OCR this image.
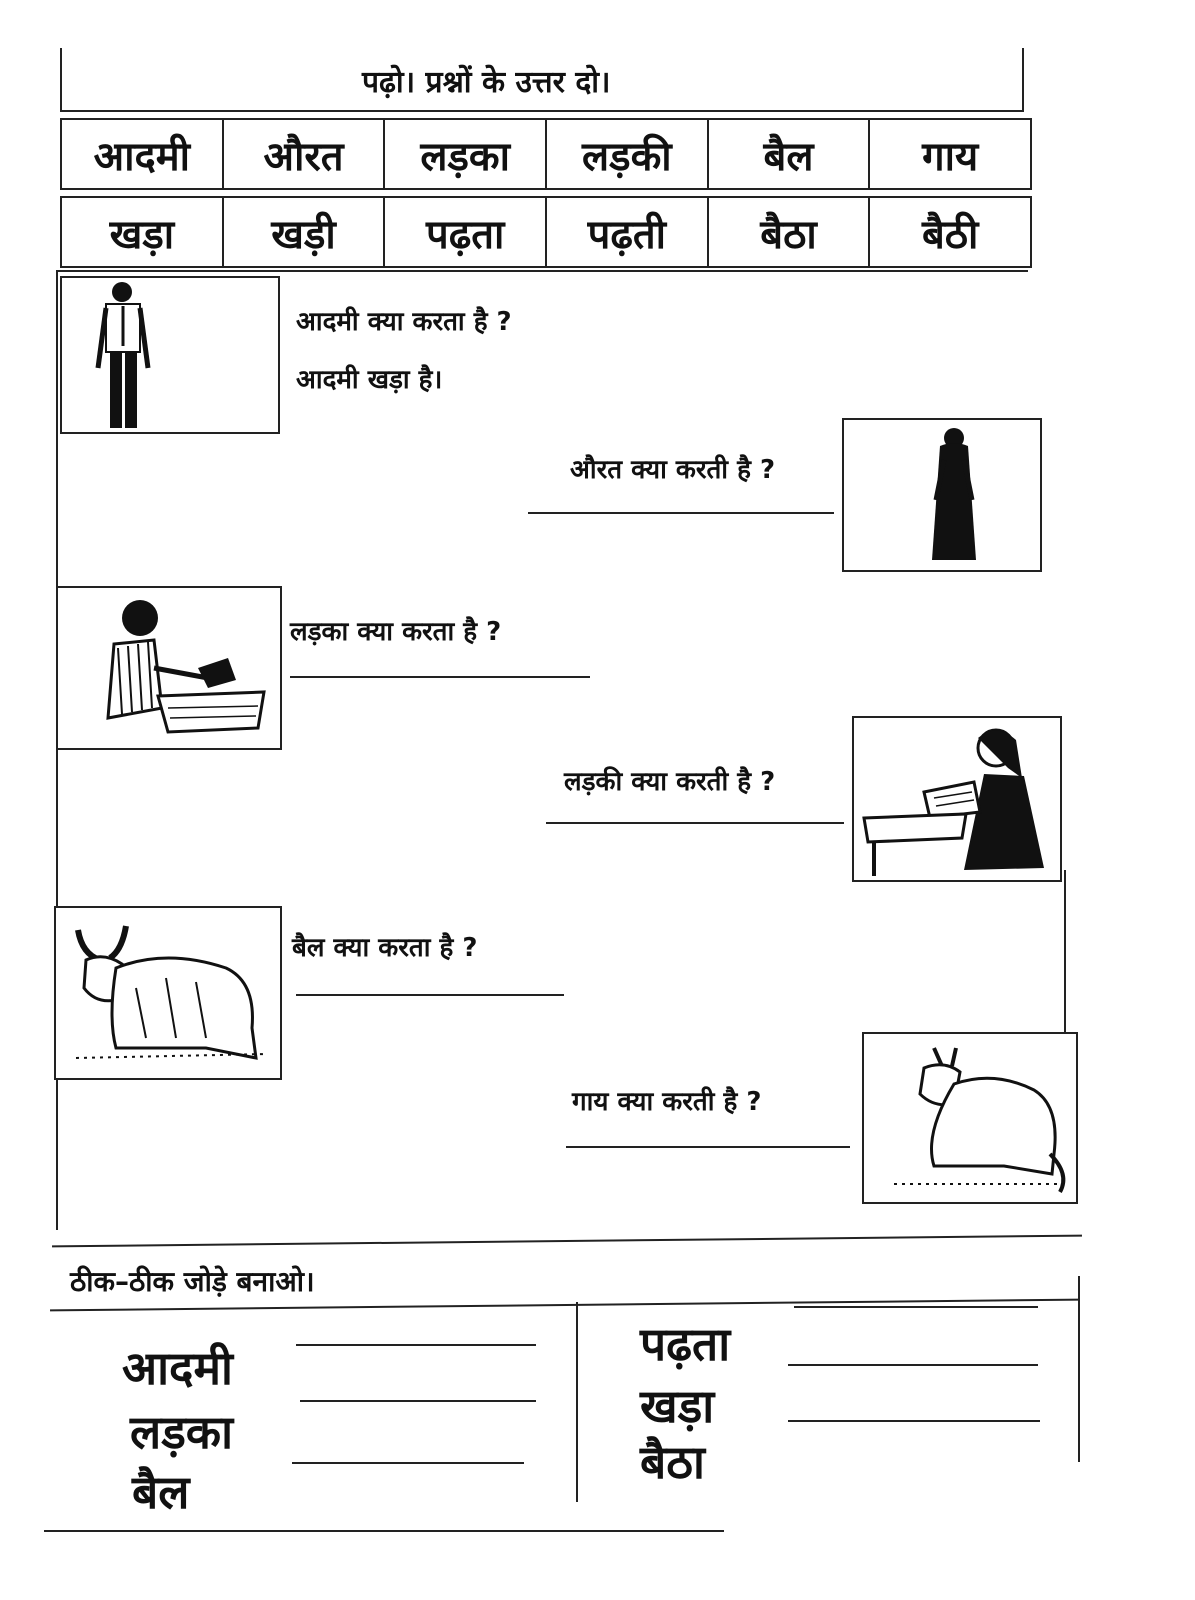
पढ़ो। प्रश्नों के उत्तर दो।
आदमी	औरत	लड़का	लड़की	बैल	गाय
खड़ा	खड़ी	पढ़ता	पढ़ती	बैठा	बैठी
आदमी क्या करता है ?
आदमी खड़ा है।
औरत क्या करती है ?
लड़का क्या करता है ?
लड़की क्या करती है ?
बैल क्या करता है ?
गाय क्या करती है ?
ठीक–ठीक जोड़े बनाओ।
आदमी
लड़का
बैल
पढ़ता
खड़ा
बैठा
